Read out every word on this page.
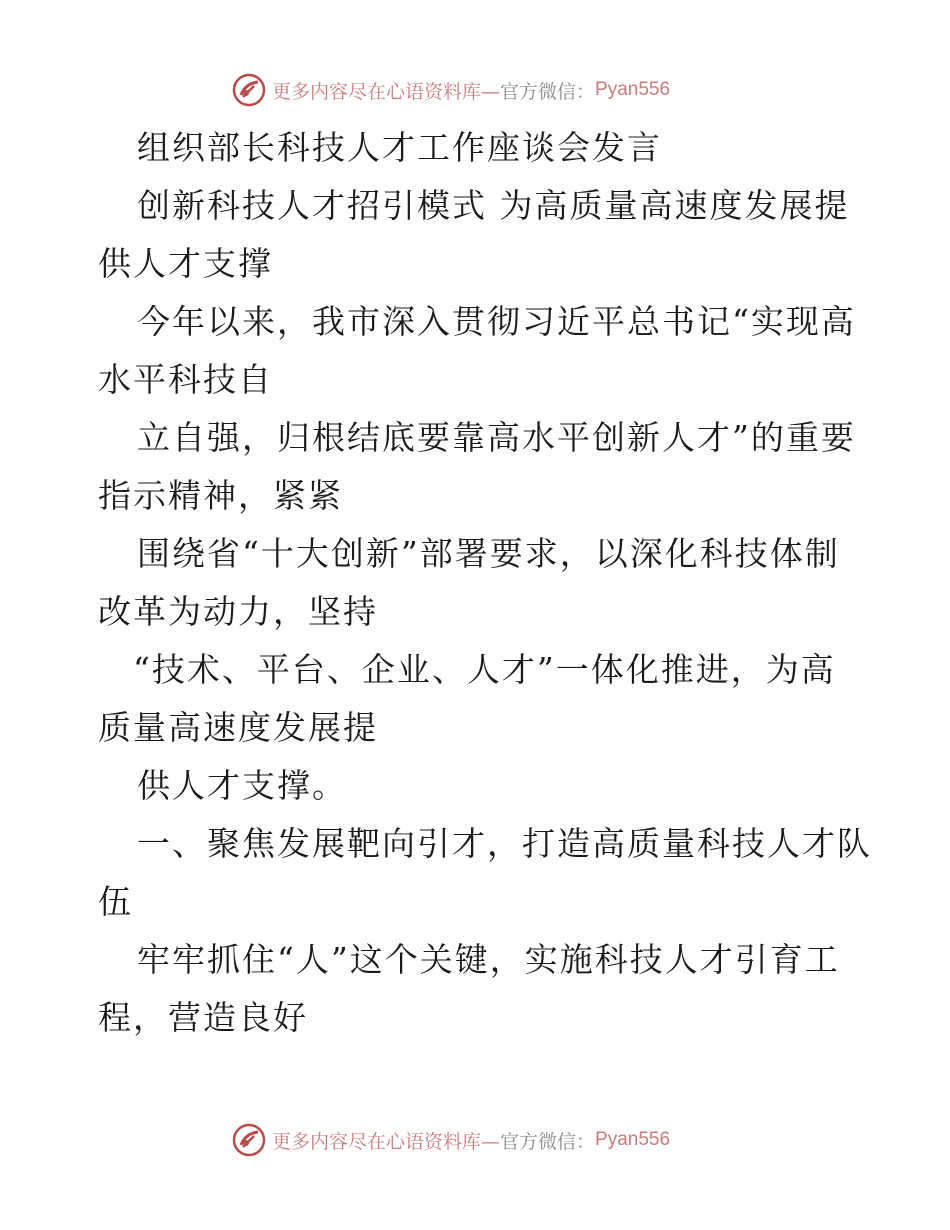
更多内容尽在心语资料库— 官方微信： Pyan556
组织部长科技人才工作座谈会发言
创新科技人才招引模式 为高质量高速度发展提
供人才支撑
今年以来，我市深入贯彻习近平总书记“实现高
水平科技自
立自强，归根结底要靠高水平创新人才”的重要
指示精神，紧紧
围绕省“十大创新”部署要求，以深化科技体制
改革为动力，坚持
“技术、平台、企业、人才”一体化推进，为高
质量高速度发展提
供人才支撑。
一、聚焦发展靶向引才，打造高质量科技人才队
伍
牢牢抓住“人”这个关键，实施科技人才引育工
程，营造良好
更多内容尽在心语资料库— 官方微信： Pyan556
